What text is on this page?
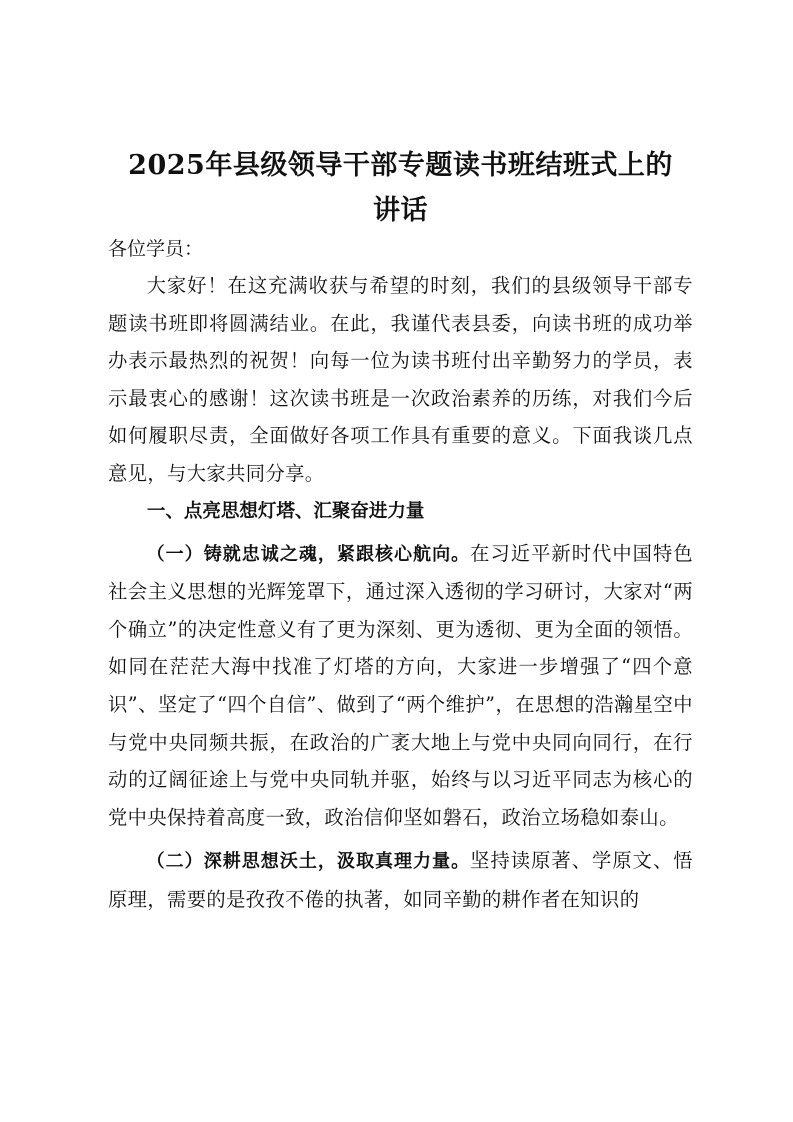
2025年县级领导干部专题读书班结班式上的
讲话

各位学员：

大家好！在这充满收获与希望的时刻，我们的县级领导干部专题读书班即将圆满结业。在此，我谨代表县委，向读书班的成功举办表示最热烈的祝贺！向每一位为读书班付出辛勤努力的学员，表示最衷心的感谢！这次读书班是一次政治素养的历练，对我们今后如何履职尽责，全面做好各项工作具有重要的意义。下面我谈几点意见，与大家共同分享。

一、点亮思想灯塔、汇聚奋进力量

（一）铸就忠诚之魂，紧跟核心航向。在习近平新时代中国特色社会主义思想的光辉笼罩下，通过深入透彻的学习研讨，大家对“两个确立”的决定性意义有了更为深刻、更为透彻、更为全面的领悟。如同在茫茫大海中找准了灯塔的方向，大家进一步增强了“四个意识”、坚定了“四个自信”、做到了“两个维护”，在思想的浩瀚星空中与党中央同频共振，在政治的广袤大地上与党中央同向同行，在行动的辽阔征途上与党中央同轨并驱，始终与以习近平同志为核心的党中央保持着高度一致，政治信仰坚如磐石，政治立场稳如泰山。

（二）深耕思想沃土，汲取真理力量。坚持读原著、学原文、悟原理，需要的是孜孜不倦的执著，如同辛勤的耕作者在知识的
